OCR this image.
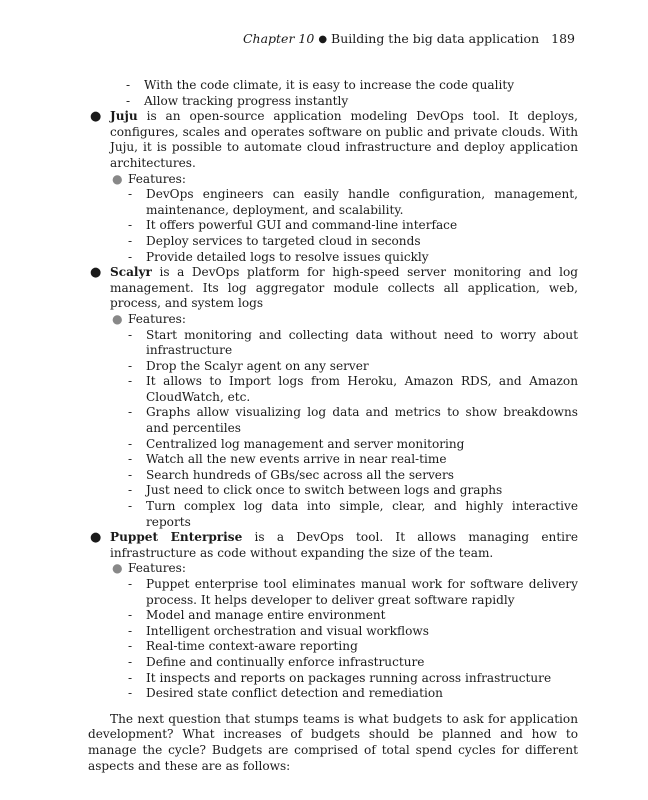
Chapter 10 ● Building the big data application 189
- With the code climate, it is easy to increase the code quality
- Allow tracking progress instantly
● Juju is an open-source application modeling DevOps tool. It deploys, configures, scales and operates software on public and private clouds. With Juju, it is possible to automate cloud infrastructure and deploy application architectures.

● Features:
- DevOps engineers can easily handle configuration, management, maintenance, deployment, and scalability.
- It offers powerful GUI and command-line interface
- Deploy services to targeted cloud in seconds
- Provide detailed logs to resolve issues quickly
● Scalyr is a DevOps platform for high-speed server monitoring and log management. Its log aggregator module collects all application, web, process, and system logs

● Features:
- Start monitoring and collecting data without need to worry about infrastructure
- Drop the Scalyr agent on any server
- It allows to Import logs from Heroku, Amazon RDS, and Amazon CloudWatch, etc.
- Graphs allow visualizing log data and metrics to show breakdowns and percentiles
- Centralized log management and server monitoring
- Watch all the new events arrive in near real-time
- Search hundreds of GBs/sec across all the servers
- Just need to click once to switch between logs and graphs
- Turn complex log data into simple, clear, and highly interactive reports
● Puppet Enterprise is a DevOps tool. It allows managing entire infrastructure as code without expanding the size of the team.

● Features:
- Puppet enterprise tool eliminates manual work for software delivery process. It helps developer to deliver great software rapidly
- Model and manage entire environment
- Intelligent orchestration and visual workflows
- Real-time context-aware reporting
- Define and continually enforce infrastructure
- It inspects and reports on packages running across infrastructure
- Desired state conflict detection and remediation

The next question that stumps teams is what budgets to ask for application development? What increases of budgets should be planned and how to manage the cycle? Budgets are comprised of total spend cycles for different aspects and these are as follows:
